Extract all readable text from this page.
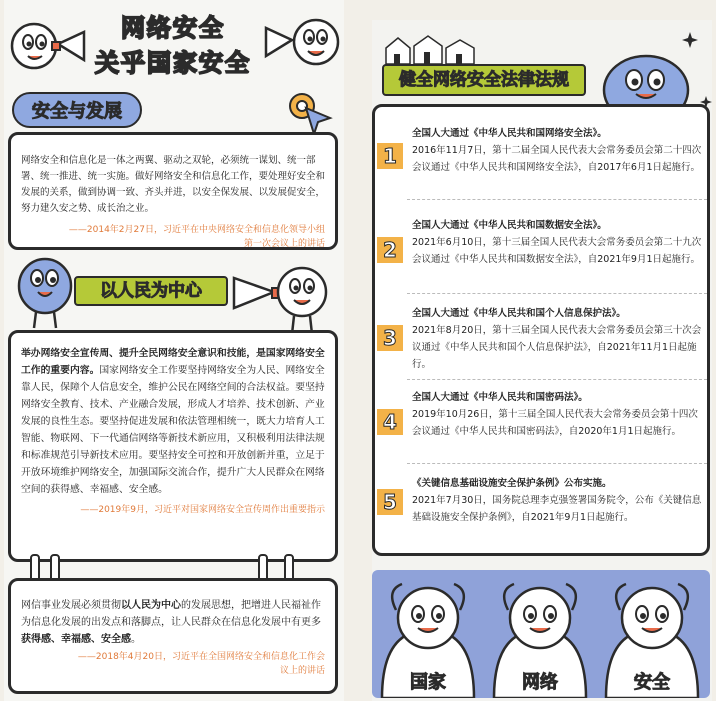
网络安全
关乎国家安全
安全与发展
网络安全和信息化是一体之两翼、驱动之双轮，必须统一谋划、统一部署、统一推进、统一实施。做好网络安全和信息化工作，要处理好安全和发展的关系，做到协调一致、齐头并进，以安全保发展、以发展促安全，努力建久安之势、成长治之业。
——2014年2月27日，习近平在中央网络安全和信息化领导小组第一次会议上的讲话
以人民为中心
举办网络安全宣传周、提升全民网络安全意识和技能，是国家网络安全工作的重要内容。国家网络安全工作要坚持网络安全为人民、网络安全靠人民，保障个人信息安全，维护公民在网络空间的合法权益。要坚持网络安全教育、技术、产业融合发展，形成人才培养、技术创新、产业发展的良性生态。要坚持促进发展和依法管理相统一，既大力培育人工智能、物联网、下一代通信网络等新技术新应用，又积极利用法律法规和标准规范引导新技术应用。要坚持安全可控和开放创新并重，立足于开放环境维护网络安全，加强国际交流合作，提升广大人民群众在网络空间的获得感、幸福感、安全感。
——2019年9月，习近平对国家网络安全宣传周作出重要指示
网信事业发展必须贯彻以人民为中心的发展思想，把增进人民福祉作为信息化发展的出发点和落脚点，让人民群众在信息化发展中有更多获得感、幸福感、安全感。
——2018年4月20日，习近平在全国网络安全和信息化工作会议上的讲话
健全网络安全法律法规
1
全国人大通过《中华人民共和国网络安全法》。
2016年11月7日，第十二届全国人民代表大会常务委员会第二十四次会议通过《中华人民共和国网络安全法》，自2017年6月1日起施行。
2
全国人大通过《中华人民共和国数据安全法》。
2021年6月10日，第十三届全国人民代表大会常务委员会第二十九次会议通过《中华人民共和国数据安全法》，自2021年9月1日起施行。
3
全国人大通过《中华人民共和国个人信息保护法》。
2021年8月20日，第十三届全国人民代表大会常务委员会第三十次会议通过《中华人民共和国个人信息保护法》，自2021年11月1日起施行。
4
全国人大通过《中华人民共和国密码法》。
2019年10月26日，第十三届全国人民代表大会常务委员会第十四次会议通过《中华人民共和国密码法》，自2020年1月1日起施行。
5
《关键信息基础设施安全保护条例》公布实施。
2021年7月30日，国务院总理李克强签署国务院令，公布《关键信息基础设施安全保护条例》，自2021年9月1日起施行。
国家	网络	安全
